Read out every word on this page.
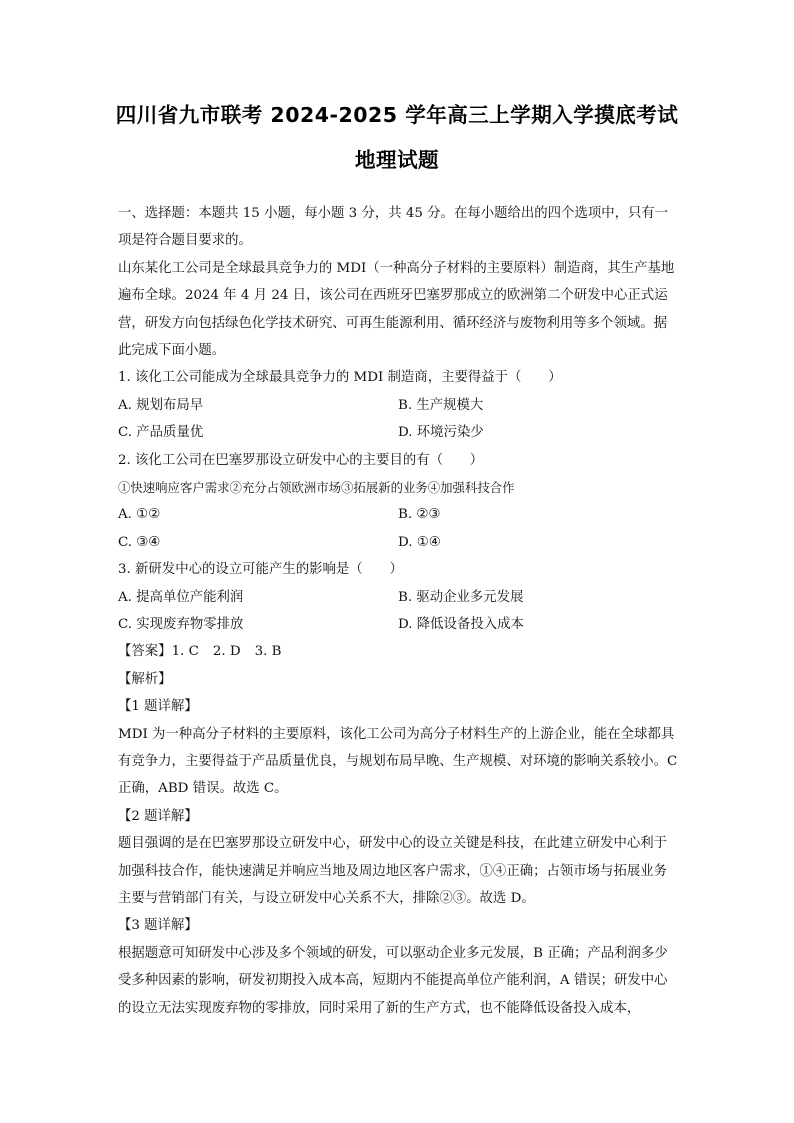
四川省九市联考 2024-2025 学年高三上学期入学摸底考试
地理试题

一、选择题：本题共 15 小题，每小题 3 分，共 45 分。在每小题给出的四个选项中，只有一项是符合题目要求的。

山东某化工公司是全球最具竞争力的 MDI（一种高分子材料的主要原料）制造商，其生产基地遍布全球。2024 年 4 月 24 日，该公司在西班牙巴塞罗那成立的欧洲第二个研发中心正式运营，研发方向包括绿色化学技术研究、可再生能源利用、循环经济与废物利用等多个领域。据此完成下面小题。

1. 该化工公司能成为全球最具竞争力的 MDI 制造商，主要得益于（　　）

A. 规划布局早	B. 生产规模大
C. 产品质量优	D. 环境污染少

2. 该化工公司在巴塞罗那设立研发中心的主要目的有（　　）

①快速响应客户需求②充分占领欧洲市场③拓展新的业务④加强科技合作

A. ①②	B. ②③
C. ③④	D. ①④

3. 新研发中心的设立可能产生的影响是（　　）

A. 提高单位产能利润	B. 驱动企业多元发展
C. 实现废弃物零排放	D. 降低设备投入成本

【答案】1. C 2. D 3. B

【解析】

【1 题详解】

MDI 为一种高分子材料的主要原料，该化工公司为高分子材料生产的上游企业，能在全球都具有竞争力，主要得益于产品质量优良，与规划布局早晚、生产规模、对环境的影响关系较小。C 正确，ABD 错误。故选 C。

【2 题详解】

题目强调的是在巴塞罗那设立研发中心，研发中心的设立关键是科技，在此建立研发中心利于加强科技合作，能快速满足并响应当地及周边地区客户需求，①④正确；占领市场与拓展业务主要与营销部门有关，与设立研发中心关系不大，排除②③。故选 D。

【3 题详解】

根据题意可知研发中心涉及多个领域的研发，可以驱动企业多元发展，B 正确；产品利润多少受多种因素的影响，研发初期投入成本高，短期内不能提高单位产能利润，A 错误；研发中心的设立无法实现废弃物的零排放，同时采用了新的生产方式，也不能降低设备投入成本，
